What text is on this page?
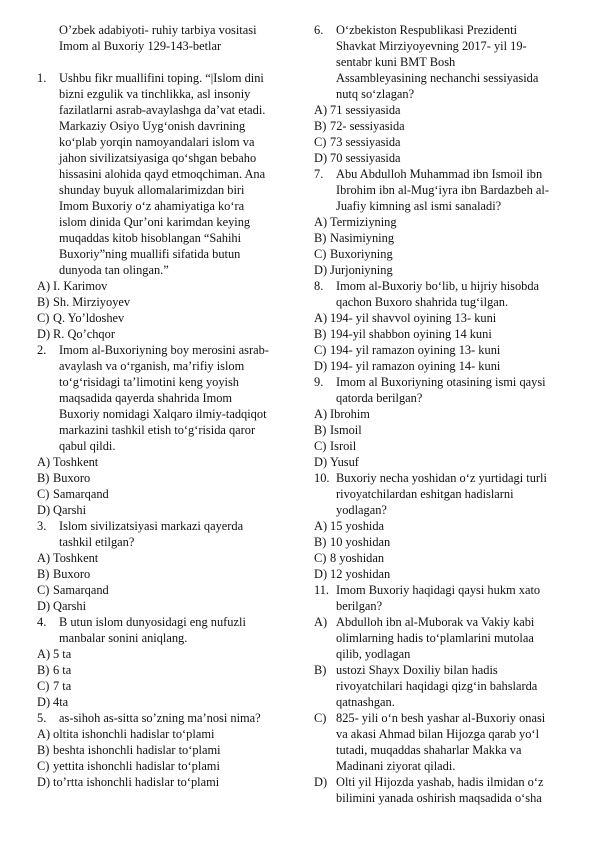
O’zbek adabiyoti- ruhiy tarbiya vositasi
Imom al Buxoriy 129-143-betlar
1. Ushbu fikr muallifini toping. “|Islom dini
bizni ezgulik va tinchlikka, asl insoniy
fazilatlarni asrab-avaylashga da’vat etadi.
Markaziy Osiyo Uyg‘onish davrining
ko‘plab yorqin namoyandalari islom va
jahon sivilizatsiyasiga qo‘shgan bebaho
hissasini alohida qayd etmoqchiman. Ana
shunday buyuk allomalarimizdan biri
Imom Buxoriy o‘z ahamiyatiga ko‘ra
islom dinida Qur’oni karimdan keying
muqaddas kitob hisoblangan “Sahihi
Buxoriy”ning muallifi sifatida butun
dunyoda tan olingan.”
A) I. Karimov
B) Sh. Mirziyoyev
C) Q. Yo’ldoshev
D) R. Qo’chqor
2. Imom al-Buxoriyning boy merosini asrab-
avaylash va o‘rganish, ma’rifiy islom
to‘g‘risidagi ta’limotini keng yoyish
maqsadida qayerda shahrida Imom
Buxoriy nomidagi Xalqaro ilmiy-tadqiqot
markazini tashkil etish to‘g‘risida qaror
qabul qildi.
A) Toshkent
B) Buxoro
C) Samarqand
D) Qarshi
3. Islom sivilizatsiyasi markazi qayerda
tashkil etilgan?
A) Toshkent
B) Buxoro
C) Samarqand
D) Qarshi
4. B utun islom dunyosidagi eng nufuzli
manbalar sonini aniqlang.
A) 5 ta
B) 6 ta
C) 7 ta
D) 4ta
5. as-sihoh as-sitta so’zning ma’nosi nima?
A) oltita ishonchli hadislar to‘plami
B) beshta ishonchli hadislar to‘plami
C) yettita ishonchli hadislar to‘plami
D) to’rtta ishonchli hadislar to‘plami
6. O‘zbekiston Respublikasi Prezidenti
Shavkat Mirziyoyevning 2017- yil 19-
sentabr kuni BMT Bosh
Assambleyasining nechanchi sessiyasida
nutq so‘zlagan?
A) 71 sessiyasida
B) 72- sessiyasida
C) 73 sessiyasida
D) 70 sessiyasida
7. Abu Abdulloh Muhammad ibn Ismoil ibn
Ibrohim ibn al-Mug‘iyra ibn Bardazbeh al-
Juafiy kimning asl ismi sanaladi?
A) Termiziyning
B) Nasimiyning
C) Buxoriyning
D) Jurjoniyning
8. Imom al-Buxoriy bo‘lib, u hijriy hisobda
qachon Buxoro shahrida tug‘ilgan.
A) 194- yil shavvol oyining 13- kuni
B) 194-yil shabbon oyining 14 kuni
C) 194- yil ramazon oyining 13- kuni
D) 194- yil ramazon oyining 14- kuni
9. Imom al Buxoriyning otasining ismi qaysi
qatorda berilgan?
A) Ibrohim
B) Ismoil
C) Isroil
D) Yusuf
10. Buxoriy necha yoshidan o‘z yurtidagi turli
rivoyatchilardan eshitgan hadislarni
yodlagan?
A) 15 yoshida
B) 10 yoshidan
C) 8 yoshidan
D) 12 yoshidan
11. Imom Buxoriy haqidagi qaysi hukm xato
berilgan?
A) Abdulloh ibn al-Muborak va Vakiy kabi
olimlarning hadis to‘plamlarini mutolaa
qilib, yodlagan
B) ustozi Shayx Doxiliy bilan hadis
rivoyatchilari haqidagi qizg‘in bahslarda
qatnashgan.
C) 825- yili o‘n besh yashar al-Buxoriy onasi
va akasi Ahmad bilan Hijozga qarab yo‘l
tutadi, muqaddas shaharlar Makka va
Madinani ziyorat qiladi.
D) Olti yil Hijozda yashab, hadis ilmidan o‘z
bilimini yanada oshirish maqsadida o‘sha
